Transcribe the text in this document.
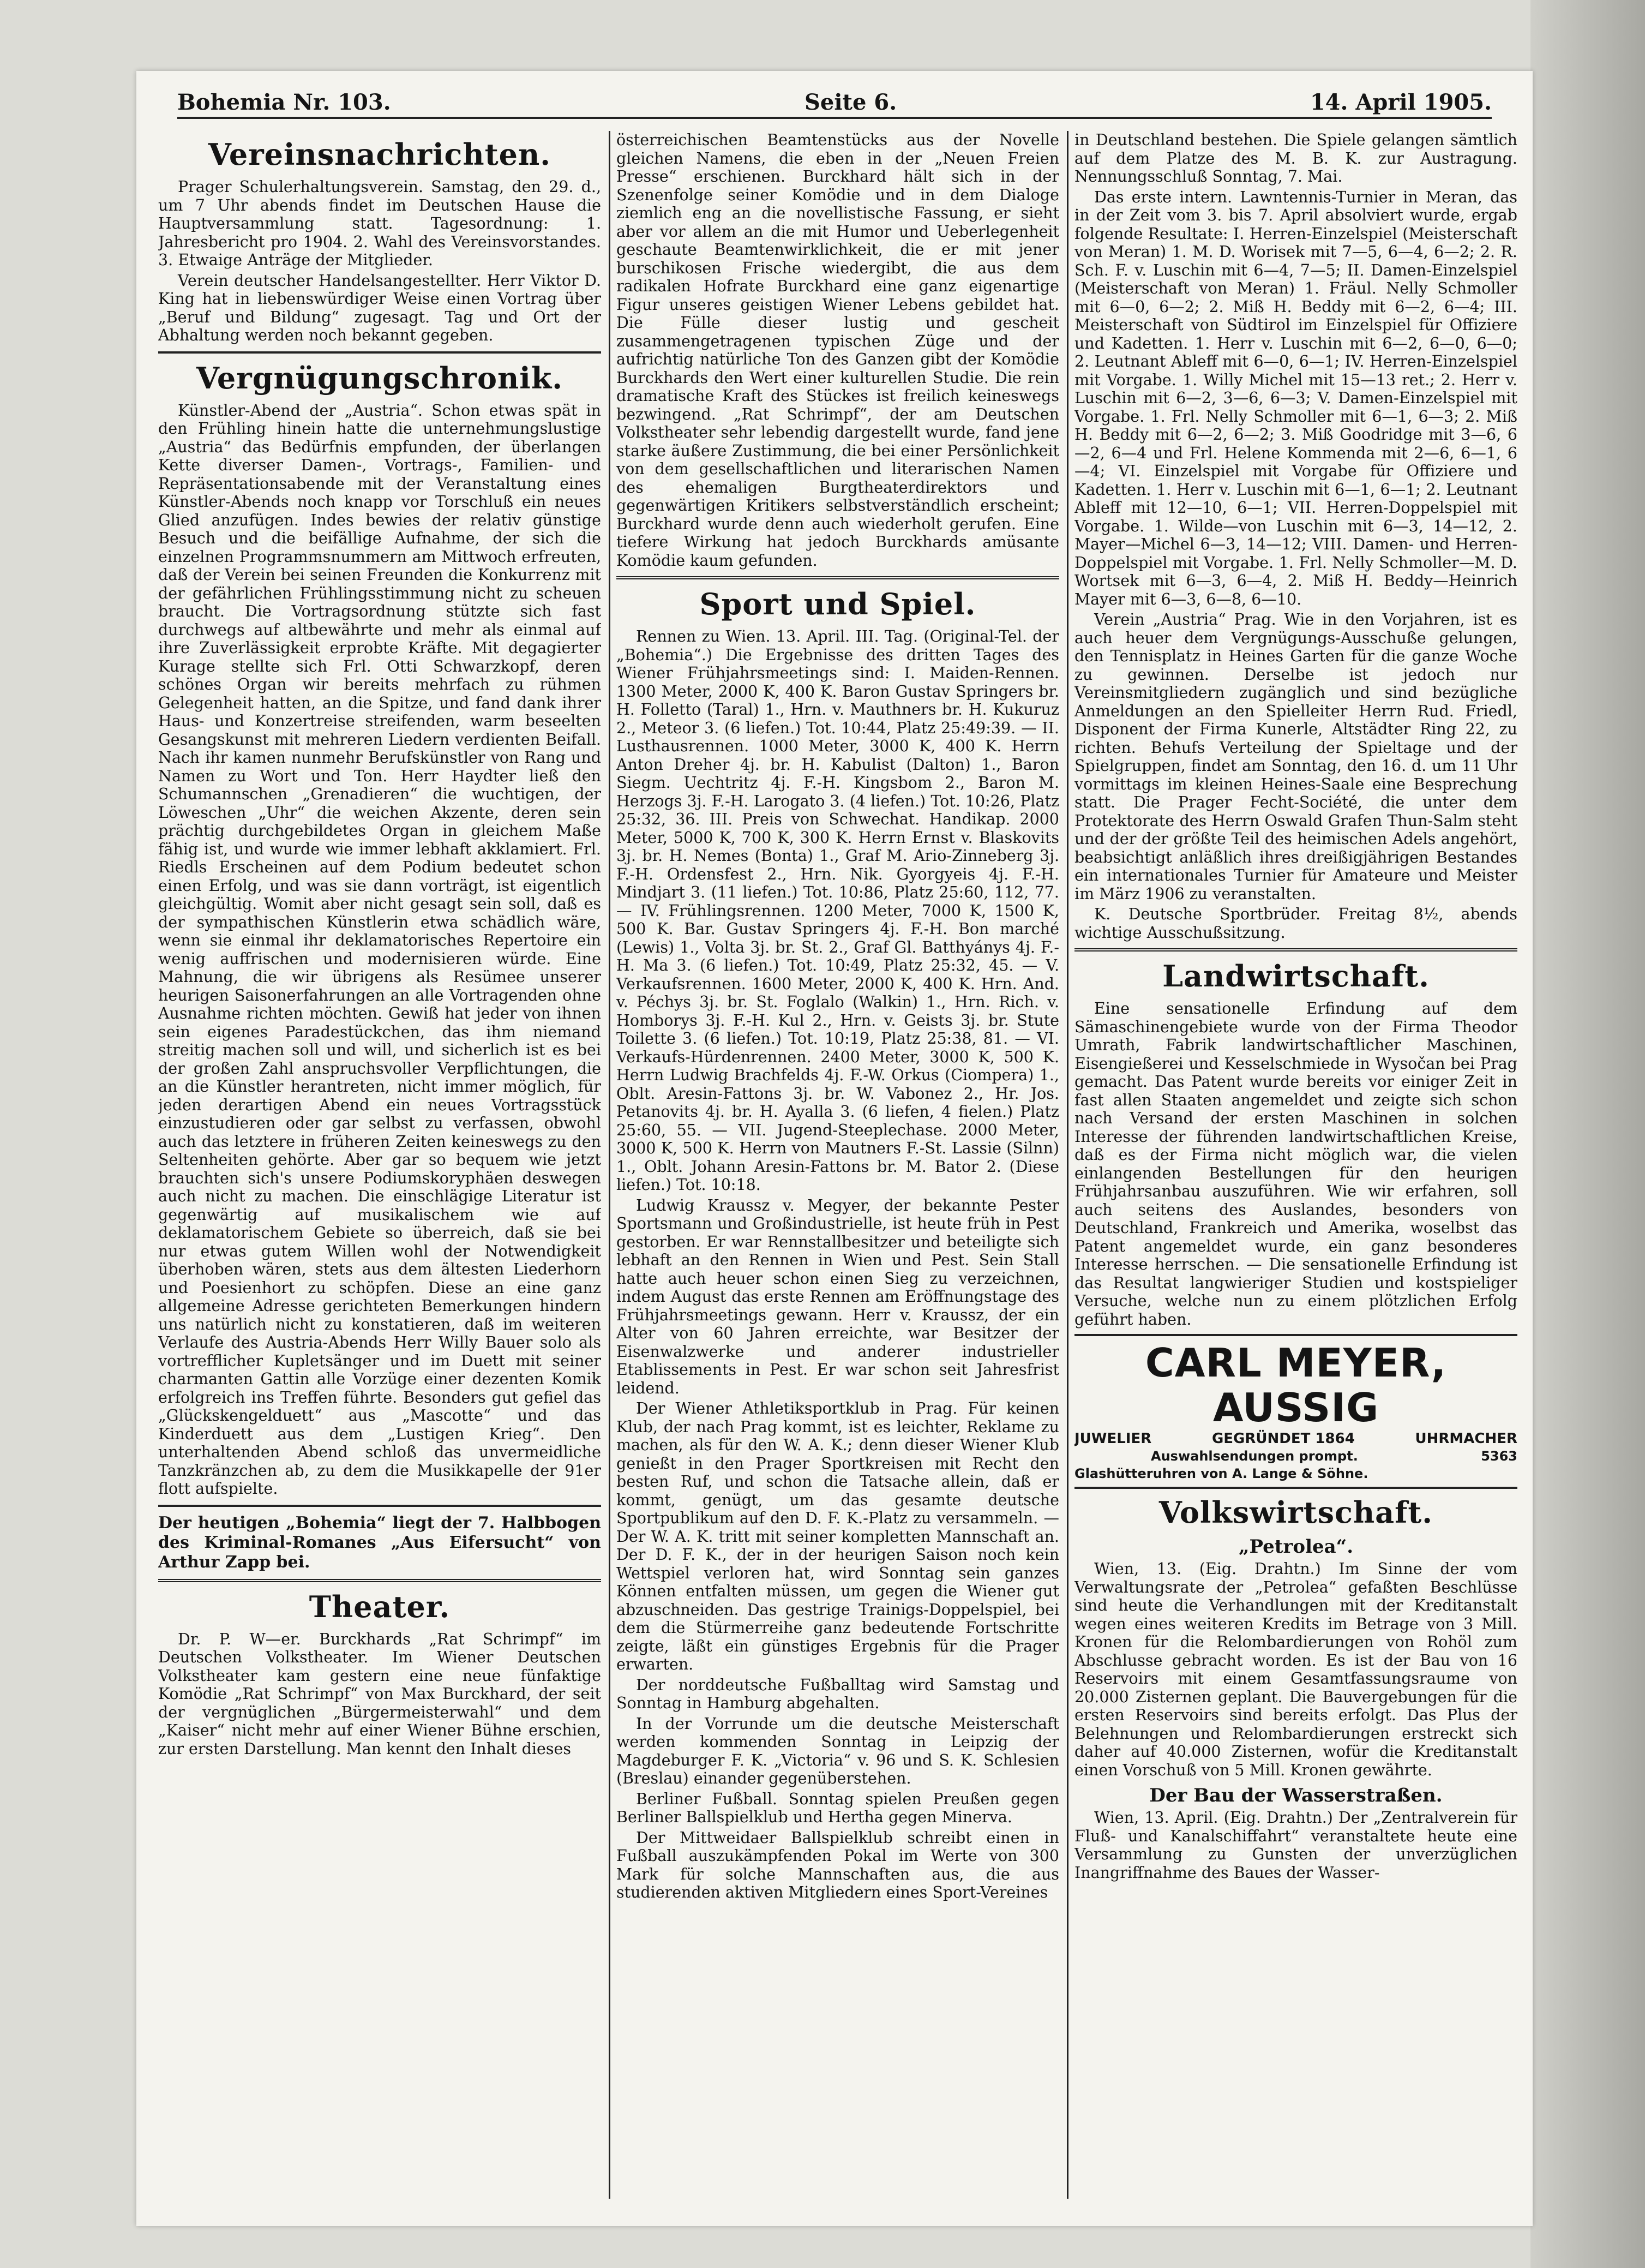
Bohemia Nr. 103.	Seite 6.	14. April 1905.
Vereinsnachrichten.

Prager Schulerhaltungsverein. Samstag, den 29. d., um 7 Uhr abends findet im Deutschen Hause die Hauptversammlung statt. Tagesordnung: 1. Jahresbericht pro 1904. 2. Wahl des Vereinsvorstandes. 3. Etwaige Anträge der Mitglieder.

Verein deutscher Handelsangestellter. Herr Viktor D. King hat in liebenswürdiger Weise einen Vortrag über „Beruf und Bildung“ zugesagt. Tag und Ort der Abhaltung werden noch bekannt gegeben.

Vergnügungschronik.

Künstler-Abend der „Austria“. Schon etwas spät in den Frühling hinein hatte die unternehmungslustige „Austria“ das Bedürfnis empfunden, der überlangen Kette diverser Damen-, Vortrags-, Familien- und Repräsentationsabende mit der Veranstaltung eines Künstler-Abends noch knapp vor Torschluß ein neues Glied anzufügen. Indes bewies der relativ günstige Besuch und die beifällige Aufnahme, der sich die einzelnen Programmsnummern am Mittwoch erfreuten, daß der Verein bei seinen Freunden die Konkurrenz mit der gefährlichen Frühlingsstimmung nicht zu scheuen braucht. Die Vortragsordnung stützte sich fast durchwegs auf altbewährte und mehr als einmal auf ihre Zuverlässigkeit erprobte Kräfte. Mit degagierter Kurage stellte sich Frl. Otti Schwarzkopf, deren schönes Organ wir bereits mehrfach zu rühmen Gelegenheit hatten, an die Spitze, und fand dank ihrer Haus- und Konzertreise streifenden, warm beseelten Gesangskunst mit mehreren Liedern verdienten Beifall. Nach ihr kamen nunmehr Berufskünstler von Rang und Namen zu Wort und Ton. Herr Haydter ließ den Schumannschen „Grenadieren“ die wuchtigen, der Löweschen „Uhr“ die weichen Akzente, deren sein prächtig durchgebildetes Organ in gleichem Maße fähig ist, und wurde wie immer lebhaft akklamiert. Frl. Riedls Erscheinen auf dem Podium bedeutet schon einen Erfolg, und was sie dann vorträgt, ist eigentlich gleichgültig. Womit aber nicht gesagt sein soll, daß es der sympathischen Künstlerin etwa schädlich wäre, wenn sie einmal ihr deklamatorisches Repertoire ein wenig auffrischen und modernisieren würde. Eine Mahnung, die wir übrigens als Resümee unserer heurigen Saisonerfahrungen an alle Vortragenden ohne Ausnahme richten möchten. Gewiß hat jeder von ihnen sein eigenes Paradestückchen, das ihm niemand streitig machen soll und will, und sicherlich ist es bei der großen Zahl anspruchsvoller Verpflichtungen, die an die Künstler herantreten, nicht immer möglich, für jeden derartigen Abend ein neues Vortragsstück einzustudieren oder gar selbst zu verfassen, obwohl auch das letztere in früheren Zeiten keineswegs zu den Seltenheiten gehörte. Aber gar so bequem wie jetzt brauchten sich's unsere Podiumskoryphäen deswegen auch nicht zu machen. Die einschlägige Literatur ist gegenwärtig auf musikalischem wie auf deklamatorischem Gebiete so überreich, daß sie bei nur etwas gutem Willen wohl der Notwendigkeit überhoben wären, stets aus dem ältesten Liederhorn und Poesienhort zu schöpfen. Diese an eine ganz allgemeine Adresse gerichteten Bemerkungen hindern uns natürlich nicht zu konstatieren, daß im weiteren Verlaufe des Austria-Abends Herr Willy Bauer solo als vortrefflicher Kupletsänger und im Duett mit seiner charmanten Gattin alle Vorzüge einer dezenten Komik erfolgreich ins Treffen führte. Besonders gut gefiel das „Glückskengelduett“ aus „Mascotte“ und das Kinderduett aus dem „Lustigen Krieg“. Den unterhaltenden Abend schloß das unvermeidliche Tanzkränzchen ab, zu dem die Musikkapelle der 91er flott aufspielte.

Der heutigen „Bohemia“ liegt der 7. Halbbogen des Kriminal-Romanes „Aus Eifersucht“ von Arthur Zapp bei.
Theater.

Dr. P. W—er. Burckhards „Rat Schrimpf“ im Deutschen Volkstheater. Im Wiener Deutschen Volkstheater kam gestern eine neue fünfaktige Komödie „Rat Schrimpf“ von Max Burckhard, der seit der vergnüglichen „Bürgermeisterwahl“ und dem „Kaiser“ nicht mehr auf einer Wiener Bühne erschien, zur ersten Darstellung. Man kennt den Inhalt dieses

österreichischen Beamtenstücks aus der Novelle gleichen Namens, die eben in der „Neuen Freien Presse“ erschienen. Burckhard hält sich in der Szenenfolge seiner Komödie und in dem Dialoge ziemlich eng an die novellistische Fassung, er sieht aber vor allem an die mit Humor und Ueberlegenheit geschaute Beamtenwirklichkeit, die er mit jener burschikosen Frische wiedergibt, die aus dem radikalen Hofrate Burckhard eine ganz eigenartige Figur unseres geistigen Wiener Lebens gebildet hat. Die Fülle dieser lustig und gescheit zusammengetragenen typischen Züge und der aufrichtig natürliche Ton des Ganzen gibt der Komödie Burckhards den Wert einer kulturellen Studie. Die rein dramatische Kraft des Stückes ist freilich keineswegs bezwingend. „Rat Schrimpf“, der am Deutschen Volkstheater sehr lebendig dargestellt wurde, fand jene starke äußere Zustimmung, die bei einer Persönlichkeit von dem gesellschaftlichen und literarischen Namen des ehemaligen Burgtheaterdirektors und gegenwärtigen Kritikers selbstverständlich erscheint; Burckhard wurde denn auch wiederholt gerufen. Eine tiefere Wirkung hat jedoch Burckhards amüsante Komödie kaum gefunden.

Sport und Spiel.

Rennen zu Wien. 13. April. III. Tag. (Original-Tel. der „Bohemia“.) Die Ergebnisse des dritten Tages des Wiener Frühjahrsmeetings sind: I. Maiden-Rennen. 1300 Meter, 2000 K, 400 K. Baron Gustav Springers br. H. Folletto (Taral) 1., Hrn. v. Mauthners br. H. Kukuruz 2., Meteor 3. (6 liefen.) Tot. 10:44, Platz 25:49:39. — II. Lusthausrennen. 1000 Meter, 3000 K, 400 K. Herrn Anton Dreher 4j. br. H. Kabulist (Dalton) 1., Baron Siegm. Uechtritz 4j. F.-H. Kingsbom 2., Baron M. Herzogs 3j. F.-H. Larogato 3. (4 liefen.) Tot. 10:26, Platz 25:32, 36. III. Preis von Schwechat. Handikap. 2000 Meter, 5000 K, 700 K, 300 K. Herrn Ernst v. Blaskovits 3j. br. H. Nemes (Bonta) 1., Graf M. Ario-Zinneberg 3j. F.-H. Ordensfest 2., Hrn. Nik. Gyorgyeis 4j. F.-H. Mindjart 3. (11 liefen.) Tot. 10:86, Platz 25:60, 112, 77. — IV. Frühlingsrennen. 1200 Meter, 7000 K, 1500 K, 500 K. Bar. Gustav Springers 4j. F.-H. Bon marché (Lewis) 1., Volta 3j. br. St. 2., Graf Gl. Batthyánys 4j. F.-H. Ma 3. (6 liefen.) Tot. 10:49, Platz 25:32, 45. — V. Verkaufsrennen. 1600 Meter, 2000 K, 400 K. Hrn. And. v. Péchys 3j. br. St. Foglalo (Walkin) 1., Hrn. Rich. v. Homborys 3j. F.-H. Kul 2., Hrn. v. Geists 3j. br. Stute Toilette 3. (6 liefen.) Tot. 10:19, Platz 25:38, 81. — VI. Verkaufs-Hürdenrennen. 2400 Meter, 3000 K, 500 K. Herrn Ludwig Brachfelds 4j. F.-W. Orkus (Ciompera) 1., Oblt. Aresin-Fattons 3j. br. W. Vabonez 2., Hr. Jos. Petanovits 4j. br. H. Ayalla 3. (6 liefen, 4 fielen.) Platz 25:60, 55. — VII. Jugend-Steeplechase. 2000 Meter, 3000 K, 500 K. Herrn von Mautners F.-St. Lassie (Silnn) 1., Oblt. Johann Aresin-Fattons br. M. Bator 2. (Diese liefen.) Tot. 10:18.

Ludwig Kraussz v. Megyer, der bekannte Pester Sportsmann und Großindustrielle, ist heute früh in Pest gestorben. Er war Rennstallbesitzer und beteiligte sich lebhaft an den Rennen in Wien und Pest. Sein Stall hatte auch heuer schon einen Sieg zu verzeichnen, indem August das erste Rennen am Eröffnungstage des Frühjahrsmeetings gewann. Herr v. Kraussz, der ein Alter von 60 Jahren erreichte, war Besitzer der Eisenwalzwerke und anderer industrieller Etablissements in Pest. Er war schon seit Jahresfrist leidend.

Der Wiener Athletiksportklub in Prag. Für keinen Klub, der nach Prag kommt, ist es leichter, Reklame zu machen, als für den W. A. K.; denn dieser Wiener Klub genießt in den Prager Sportkreisen mit Recht den besten Ruf, und schon die Tatsache allein, daß er kommt, genügt, um das gesamte deutsche Sportpublikum auf den D. F. K.-Platz zu versammeln. — Der W. A. K. tritt mit seiner kompletten Mannschaft an. Der D. F. K., der in der heurigen Saison noch kein Wettspiel verloren hat, wird Sonntag sein ganzes Können entfalten müssen, um gegen die Wiener gut abzuschneiden. Das gestrige Trainigs-Doppelspiel, bei dem die Stürmerreihe ganz bedeutende Fortschritte zeigte, läßt ein günstiges Ergebnis für die Prager erwarten.

Der norddeutsche Fußballtag wird Samstag und Sonntag in Hamburg abgehalten.

In der Vorrunde um die deutsche Meisterschaft werden kommenden Sonntag in Leipzig der Magdeburger F. K. „Victoria“ v. 96 und S. K. Schlesien (Breslau) einander gegenüberstehen.

Berliner Fußball. Sonntag spielen Preußen gegen Berliner Ballspielklub und Hertha gegen Minerva.

Der Mittweidaer Ballspielklub schreibt einen in Fußball auszukämpfenden Pokal im Werte von 300 Mark für solche Mannschaften aus, die aus studierenden aktiven Mitgliedern eines Sport-Vereines

in Deutschland bestehen. Die Spiele gelangen sämtlich auf dem Platze des M. B. K. zur Austragung. Nennungsschluß Sonntag, 7. Mai.

Das erste intern. Lawntennis-Turnier in Meran, das in der Zeit vom 3. bis 7. April absolviert wurde, ergab folgende Resultate: I. Herren-Einzelspiel (Meisterschaft von Meran) 1. M. D. Worisek mit 7—5, 6—4, 6—2; 2. R. Sch. F. v. Luschin mit 6—4, 7—5; II. Damen-Einzelspiel (Meisterschaft von Meran) 1. Fräul. Nelly Schmoller mit 6—0, 6—2; 2. Miß H. Beddy mit 6—2, 6—4; III. Meisterschaft von Südtirol im Einzelspiel für Offiziere und Kadetten. 1. Herr v. Luschin mit 6—2, 6—0, 6—0; 2. Leutnant Ableff mit 6—0, 6—1; IV. Herren-Einzelspiel mit Vorgabe. 1. Willy Michel mit 15—13 ret.; 2. Herr v. Luschin mit 6—2, 3—6, 6—3; V. Damen-Einzelspiel mit Vorgabe. 1. Frl. Nelly Schmoller mit 6—1, 6—3; 2. Miß H. Beddy mit 6—2, 6—2; 3. Miß Goodridge mit 3—6, 6—2, 6—4 und Frl. Helene Kommenda mit 2—6, 6—1, 6—4; VI. Einzelspiel mit Vorgabe für Offiziere und Kadetten. 1. Herr v. Luschin mit 6—1, 6—1; 2. Leutnant Ableff mit 12—10, 6—1; VII. Herren-Doppelspiel mit Vorgabe. 1. Wilde—von Luschin mit 6—3, 14—12, 2. Mayer—Michel 6—3, 14—12; VIII. Damen- und Herren-Doppelspiel mit Vorgabe. 1. Frl. Nelly Schmoller—M. D. Wortsek mit 6—3, 6—4, 2. Miß H. Beddy—Heinrich Mayer mit 6—3, 6—8, 6—10.

Verein „Austria“ Prag. Wie in den Vorjahren, ist es auch heuer dem Vergnügungs-Ausschuße gelungen, den Tennisplatz in Heines Garten für die ganze Woche zu gewinnen. Derselbe ist jedoch nur Vereinsmitgliedern zugänglich und sind bezügliche Anmeldungen an den Spielleiter Herrn Rud. Friedl, Disponent der Firma Kunerle, Altstädter Ring 22, zu richten. Behufs Verteilung der Spieltage und der Spielgruppen, findet am Sonntag, den 16. d. um 11 Uhr vormittags im kleinen Heines-Saale eine Besprechung statt. Die Prager Fecht-Société, die unter dem Protektorate des Herrn Oswald Grafen Thun-Salm steht und der der größte Teil des heimischen Adels angehört, beabsichtigt anläßlich ihres dreißigjährigen Bestandes ein internationales Turnier für Amateure und Meister im März 1906 zu veranstalten.

K. Deutsche Sportbrüder. Freitag 8½, abends wichtige Ausschußsitzung.

Landwirtschaft.

Eine sensationelle Erfindung auf dem Sämaschinengebiete wurde von der Firma Theodor Umrath, Fabrik landwirtschaftlicher Maschinen, Eisengießerei und Kesselschmiede in Wysočan bei Prag gemacht. Das Patent wurde bereits vor einiger Zeit in fast allen Staaten angemeldet und zeigte sich schon nach Versand der ersten Maschinen in solchen Interesse der führenden landwirtschaftlichen Kreise, daß es der Firma nicht möglich war, die vielen einlangenden Bestellungen für den heurigen Frühjahrsanbau auszuführen. Wie wir erfahren, soll auch seitens des Auslandes, besonders von Deutschland, Frankreich und Amerika, woselbst das Patent angemeldet wurde, ein ganz besonderes Interesse herrschen. — Die sensationelle Erfindung ist das Resultat langwieriger Studien und kostspieliger Versuche, welche nun zu einem plötzlichen Erfolg geführt haben.

CARL MEYER, AUSSIG
JUWELIER	GEGRÜNDET 1864	UHRMACHER
Auswahlsendungen prompt.	5363
Glashütteruhren von A. Lange & Söhne.
Volkswirtschaft.
„Petrolea“.

Wien, 13. (Eig. Drahtn.) Im Sinne der vom Verwaltungsrate der „Petrolea“ gefaßten Beschlüsse sind heute die Verhandlungen mit der Kreditanstalt wegen eines weiteren Kredits im Betrage von 3 Mill. Kronen für die Relombardierungen von Rohöl zum Abschlusse gebracht worden. Es ist der Bau von 16 Reservoirs mit einem Gesamtfassungsraume von 20.000 Zisternen geplant. Die Bauvergebungen für die ersten Reservoirs sind bereits erfolgt. Das Plus der Belehnungen und Relombardierungen erstreckt sich daher auf 40.000 Zisternen, wofür die Kreditanstalt einen Vorschuß von 5 Mill. Kronen gewährte.

Der Bau der Wasserstraßen.

Wien, 13. April. (Eig. Drahtn.) Der „Zentralverein für Fluß- und Kanalschiffahrt“ veranstaltete heute eine Versammlung zu Gunsten der unverzüglichen Inangriffnahme des Baues der Wasser-
